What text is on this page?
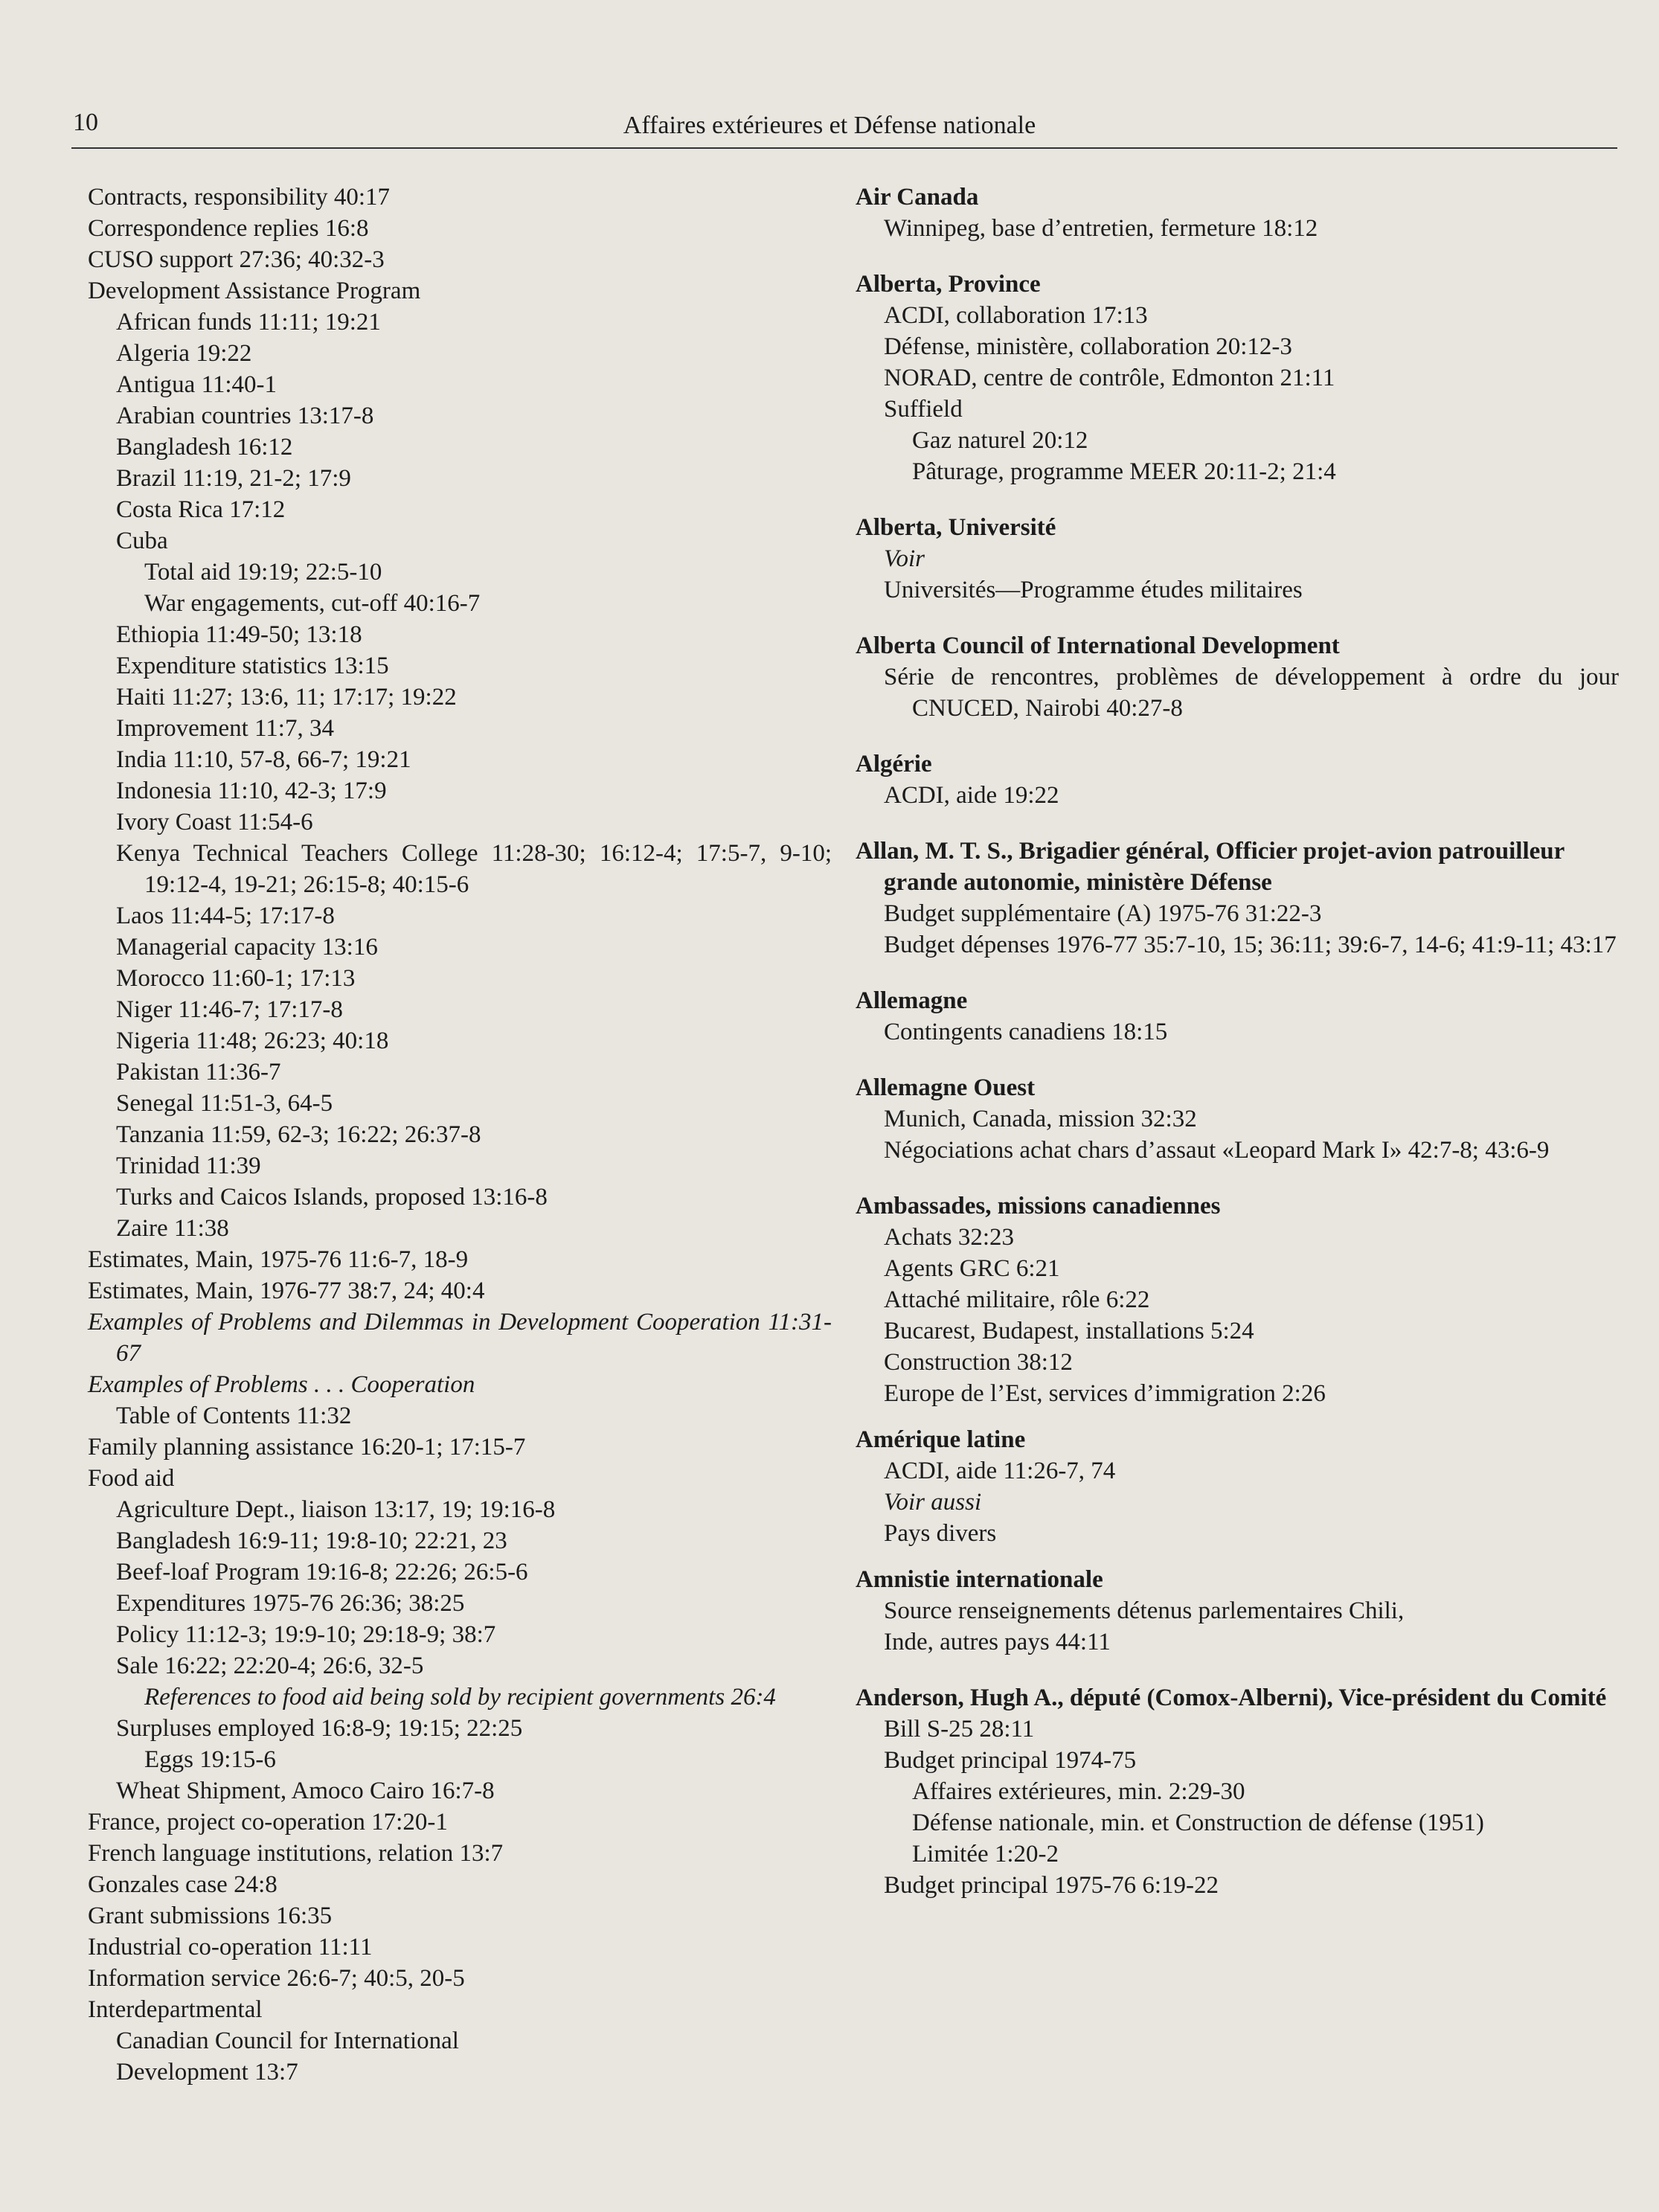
10	Affaires extérieures et Défense nationale
Contracts, responsibility 40:17
Correspondence replies 16:8
CUSO support 27:36; 40:32-3
Development Assistance Program
African funds 11:11; 19:21
Algeria 19:22
Antigua 11:40-1
Arabian countries 13:17-8
Bangladesh 16:12
Brazil 11:19, 21-2; 17:9
Costa Rica 17:12
Cuba
Total aid 19:19; 22:5-10
War engagements, cut-off 40:16-7
Ethiopia 11:49-50; 13:18
Expenditure statistics 13:15
Haiti 11:27; 13:6, 11; 17:17; 19:22
Improvement 11:7, 34
India 11:10, 57-8, 66-7; 19:21
Indonesia 11:10, 42-3; 17:9
Ivory Coast 11:54-6
Kenya Technical Teachers College 11:28-30; 16:12-4; 17:5-7, 9-10; 19:12-4, 19-21; 26:15-8; 40:15-6
Laos 11:44-5; 17:17-8
Managerial capacity 13:16
Morocco 11:60-1; 17:13
Niger 11:46-7; 17:17-8
Nigeria 11:48; 26:23; 40:18
Pakistan 11:36-7
Senegal 11:51-3, 64-5
Tanzania 11:59, 62-3; 16:22; 26:37-8
Trinidad 11:39
Turks and Caicos Islands, proposed 13:16-8
Zaire 11:38
Estimates, Main, 1975-76 11:6-7, 18-9
Estimates, Main, 1976-77 38:7, 24; 40:4
Examples of Problems and Dilemmas in Development Cooperation 11:31-67
Examples of Problems . . . Cooperation
Table of Contents 11:32
Family planning assistance 16:20-1; 17:15-7
Food aid
Agriculture Dept., liaison 13:17, 19; 19:16-8
Bangladesh 16:9-11; 19:8-10; 22:21, 23
Beef-loaf Program 19:16-8; 22:26; 26:5-6
Expenditures 1975-76 26:36; 38:25
Policy 11:12-3; 19:9-10; 29:18-9; 38:7
Sale 16:22; 22:20-4; 26:6, 32-5
References to food aid being sold by recipient governments 26:4
Surpluses employed 16:8-9; 19:15; 22:25
Eggs 19:15-6
Wheat Shipment, Amoco Cairo 16:7-8
France, project co-operation 17:20-1
French language institutions, relation 13:7
Gonzales case 24:8
Grant submissions 16:35
Industrial co-operation 11:11
Information service 26:6-7; 40:5, 20-5
Interdepartmental
Canadian Council for International
Development 13:7
Air Canada
Winnipeg, base d’entretien, fermeture 18:12
Alberta, Province
ACDI, collaboration 17:13
Défense, ministère, collaboration 20:12-3
NORAD, centre de contrôle, Edmonton 21:11
Suffield
Gaz naturel 20:12
Pâturage, programme MEER 20:11-2; 21:4
Alberta, Université
Voir
Universités—Programme études militaires
Alberta Council of International Development
Série de rencontres, problèmes de développement à ordre du jour CNUCED, Nairobi 40:27-8
Algérie
ACDI, aide 19:22
Allan, M. T. S., Brigadier général, Officier projet-avion patrouilleur grande autonomie, ministère Défense
Budget supplémentaire (A) 1975-76 31:22-3
Budget dépenses 1976-77 35:7-10, 15; 36:11; 39:6-7, 14-6; 41:9-11; 43:17
Allemagne
Contingents canadiens 18:15
Allemagne Ouest
Munich, Canada, mission 32:32
Négociations achat chars d’assaut «Leopard Mark I» 42:7-8; 43:6-9
Ambassades, missions canadiennes
Achats 32:23
Agents GRC 6:21
Attaché militaire, rôle 6:22
Bucarest, Budapest, installations 5:24
Construction 38:12
Europe de l’Est, services d’immigration 2:26
Amérique latine
ACDI, aide 11:26-7, 74
Voir aussi
Pays divers
Amnistie internationale
Source renseignements détenus parlementaires Chili,
Inde, autres pays 44:11
Anderson, Hugh A., député (Comox-Alberni), Vice-président du Comité
Bill S-25 28:11
Budget principal 1974-75
Affaires extérieures, min. 2:29-30
Défense nationale, min. et Construction de défense (1951)
Limitée 1:20-2
Budget principal 1975-76 6:19-22
